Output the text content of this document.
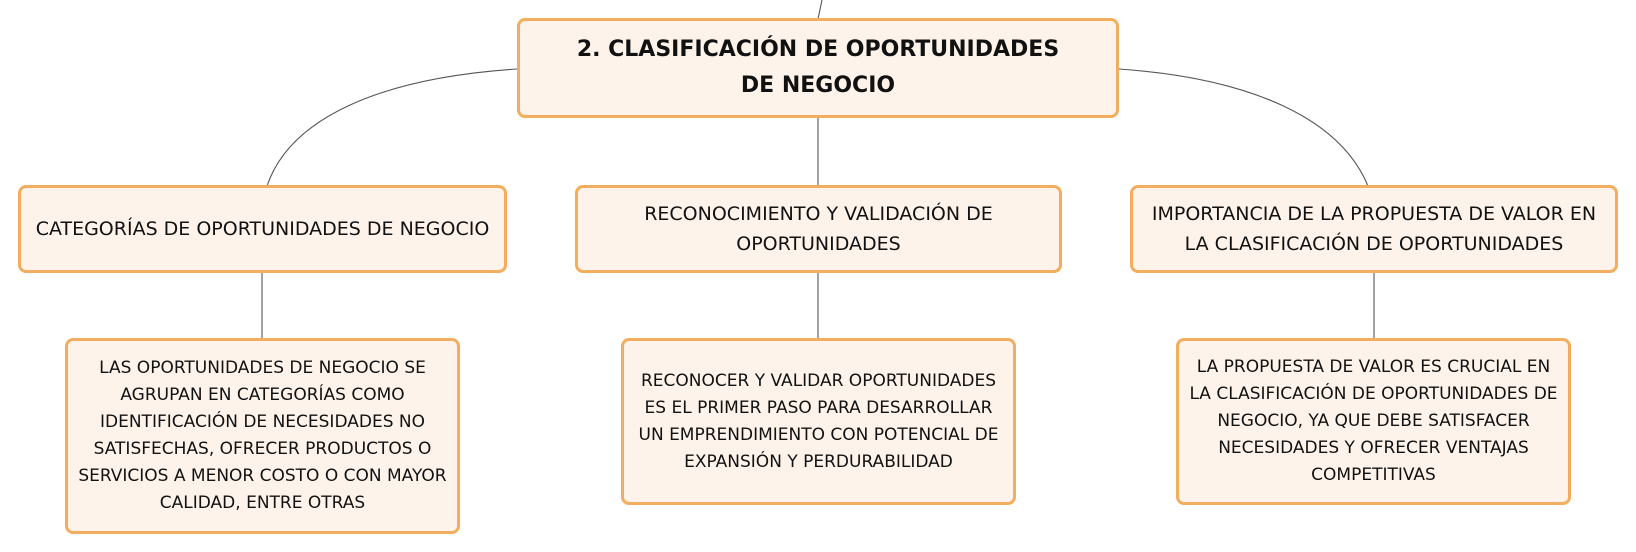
2. CLASIFICACIÓN DE OPORTUNIDADES DE NEGOCIO
CATEGORÍAS DE OPORTUNIDADES DE NEGOCIO
RECONOCIMIENTO Y VALIDACIÓN DE OPORTUNIDADES
IMPORTANCIA DE LA PROPUESTA DE VALOR EN LA CLASIFICACIÓN DE OPORTUNIDADES
LAS OPORTUNIDADES DE NEGOCIO SE AGRUPAN EN CATEGORÍAS COMO IDENTIFICACIÓN DE NECESIDADES NO SATISFECHAS, OFRECER PRODUCTOS O SERVICIOS A MENOR COSTO O CON MAYOR CALIDAD, ENTRE OTRAS
RECONOCER Y VALIDAR OPORTUNIDADES ES EL PRIMER PASO PARA DESARROLLAR UN EMPRENDIMIENTO CON POTENCIAL DE EXPANSIÓN Y PERDURABILIDAD
LA PROPUESTA DE VALOR ES CRUCIAL EN LA CLASIFICACIÓN DE OPORTUNIDADES DE NEGOCIO, YA QUE DEBE SATISFACER NECESIDADES Y OFRECER VENTAJAS COMPETITIVAS
